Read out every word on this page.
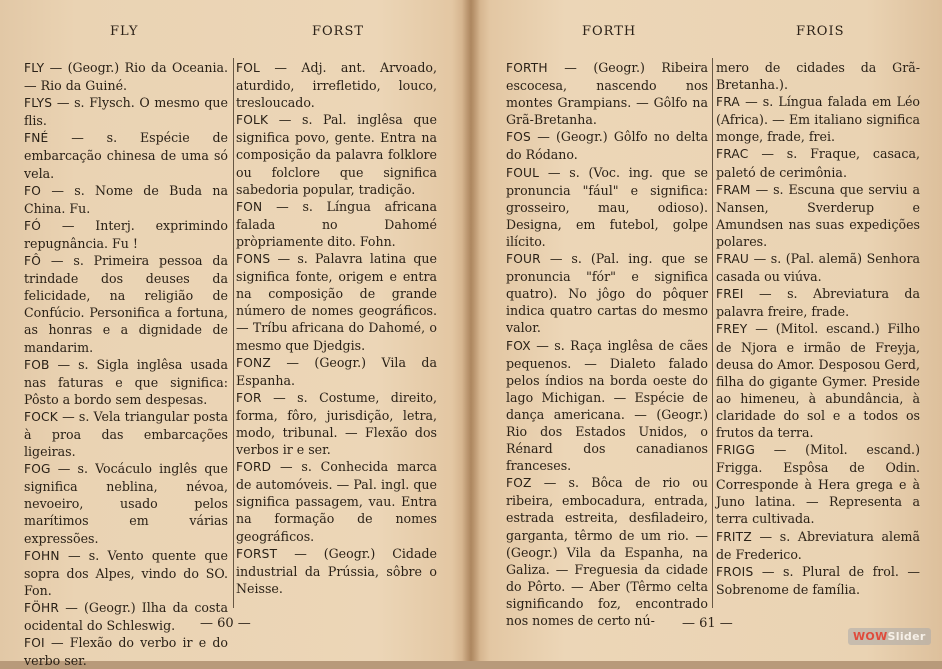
FLY	FORST
FLY — (Geogr.) Rio da Oceania. — Rio da Guiné.
FLYS — s. Flysch. O mesmo que flis.
FNÉ — s. Espécie de embarcação chinesa de uma só vela.
FO — s. Nome de Buda na China. Fu.
FÓ — Interj. exprimindo repugnância. Fu !
FÔ — s. Primeira pessoa da trindade dos deuses da felicidade, na religião de Confúcio. Personifica a fortuna, as honras e a dignidade de mandarim.
FOB — s. Sigla inglêsa usada nas faturas e que significa: Pôsto a bordo sem despesas.
FOCK — s. Vela triangular posta à proa das embarcações ligeiras.
FOG — s. Vocáculo inglês que significa neblina, névoa, nevoeiro, usado pelos marítimos em várias expressões.
FOHN — s. Vento quente que sopra dos Alpes, vindo do SO. Fon.
FÖHR — (Geogr.) Ilha da costa ocidental do Schleswig.
FOI — Flexão do verbo ir e do verbo ser.
FOL — Adj. ant. Arvoado, aturdido, irrefletido, louco, tresloucado.
FOLK — s. Pal. inglêsa que significa povo, gente. Entra na composição da palavra folklore ou folclore que significa sabedoria popular, tradição.
FON — s. Língua africana falada no Dahomé pròpriamente dito. Fohn.
FONS — s. Palavra latina que significa fonte, origem e entra na composição de grande número de nomes geográficos.— Tríbu africana do Dahomé, o mesmo que Djedgis.
FONZ — (Geogr.) Vila da Espanha.
FOR — s. Costume, direito, forma, fôro, jurisdição, letra, modo, tribunal. — Flexão dos verbos ir e ser.
FORD — s. Conhecida marca de automóveis. — Pal. ingl. que significa passagem, vau. Entra na formação de nomes geográficos.
FORST — (Geogr.) Cidade industrial da Prússia, sôbre o Neisse.
— 60 —
FORTH	FROIS
FORTH — (Geogr.) Ribeira escocesa, nascendo nos montes Grampians. — Gôlfo na Grã-Bretanha.
FOS — (Geogr.) Gôlfo no delta do Ródano.
FOUL — s. (Voc. ing. que se pronuncia "fául" e significa: grosseiro, mau, odioso). Designa, em futebol, golpe ilícito.
FOUR — s. (Pal. ing. que se pronuncia "fór" e significa quatro). No jôgo do pôquer indica quatro cartas do mesmo valor.
FOX — s. Raça inglêsa de cães pequenos. — Dialeto falado pelos índios na borda oeste do lago Michigan. — Espécie de dança americana. — (Geogr.) Rio dos Estados Unidos, o Rénard dos canadianos franceses.
FOZ — s. Bôca de rio ou ribeira, embocadura, entrada, estrada estreita, desfiladeiro, garganta, têrmo de um rio. — (Geogr.) Vila da Espanha, na Galiza. — Freguesia da cidade do Pôrto. — Aber (Têrmo celta significando foz, encontrado nos nomes de certo nú-
mero de cidades da Grã-Bretanha.).
FRA — s. Língua falada em Léo (Africa). — Em italiano significa monge, frade, frei.
FRAC — s. Fraque, casaca, paletó de cerimônia.
FRAM — s. Escuna que serviu a Nansen, Sverderup e Amundsen nas suas expedições polares.
FRAU — s. (Pal. alemã) Senhora casada ou viúva.
FREI — s. Abreviatura da palavra freire, frade.
FREY — (Mitol. escand.) Filho de Njora e irmão de Freyja, deusa do Amor. Desposou Gerd, filha do gigante Gymer. Preside ao himeneu, à abundância, à claridade do sol e a todos os frutos da terra.
FRIGG — (Mitol. escand.) Frigga. Espôsa de Odin. Corresponde à Hera grega e à Juno latina. — Representa a terra cultivada.
FRITZ — s. Abreviatura alemã de Frederico.
FROIS — s. Plural de frol. — Sobrenome de família.
— 61 —
WOWSlider
